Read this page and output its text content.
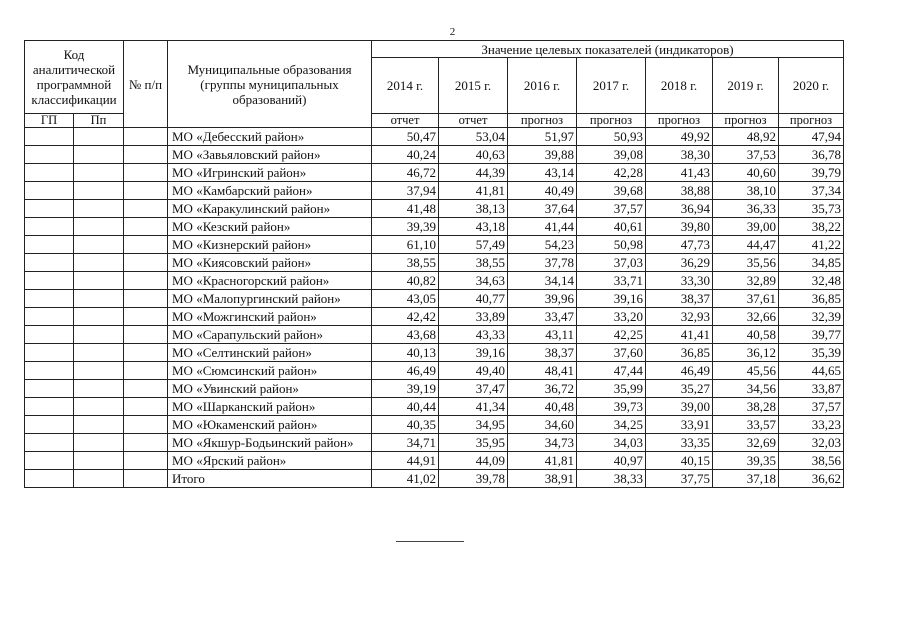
2
Код аналитической программной классификации		№ п/п	Муниципальные образования (группы муниципальных образований)	Значение целевых показателей (индикаторов)						
				2014 г.	2015 г.	2016 г.	2017 г.	2018 г.	2019 г.	2020 г.
ГП	Пп			отчет	отчет	прогноз	прогноз	прогноз	прогноз	прогноз
			МО «Дебесский район»	50,47	53,04	51,97	50,93	49,92	48,92	47,94
			МО «Завьяловский район»	40,24	40,63	39,88	39,08	38,30	37,53	36,78
			МО «Игринский район»	46,72	44,39	43,14	42,28	41,43	40,60	39,79
			МО «Камбарский район»	37,94	41,81	40,49	39,68	38,88	38,10	37,34
			МО «Каракулинский район»	41,48	38,13	37,64	37,57	36,94	36,33	35,73
			МО «Кезский район»	39,39	43,18	41,44	40,61	39,80	39,00	38,22
			МО «Кизнерский район»	61,10	57,49	54,23	50,98	47,73	44,47	41,22
			МО «Киясовский район»	38,55	38,55	37,78	37,03	36,29	35,56	34,85
			МО «Красногорский район»	40,82	34,63	34,14	33,71	33,30	32,89	32,48
			МО «Малопургинский район»	43,05	40,77	39,96	39,16	38,37	37,61	36,85
			МО «Можгинский район»	42,42	33,89	33,47	33,20	32,93	32,66	32,39
			МО «Сарапульский район»	43,68	43,33	43,11	42,25	41,41	40,58	39,77
			МО «Селтинский район»	40,13	39,16	38,37	37,60	36,85	36,12	35,39
			МО «Сюмсинский район»	46,49	49,40	48,41	47,44	46,49	45,56	44,65
			МО «Увинский район»	39,19	37,47	36,72	35,99	35,27	34,56	33,87
			МО «Шарканский район»	40,44	41,34	40,48	39,73	39,00	38,28	37,57
			МО «Юкаменский район»	40,35	34,95	34,60	34,25	33,91	33,57	33,23
			МО «Якшур-Бодьинский район»	34,71	35,95	34,73	34,03	33,35	32,69	32,03
			МО «Ярский район»	44,91	44,09	41,81	40,97	40,15	39,35	38,56
			Итого	41,02	39,78	38,91	38,33	37,75	37,18	36,62
